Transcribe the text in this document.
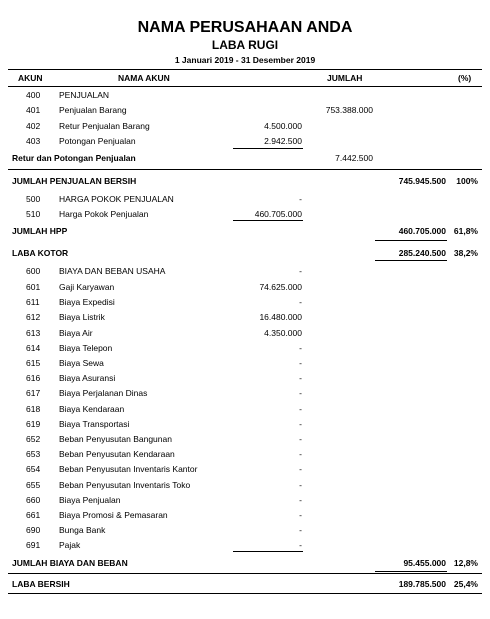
NAMA PERUSAHAAN ANDA
LABA RUGI
1 Januari 2019 - 31 Desember 2019
AKUN	NAMA AKUN	JUMLAH	(%)
400 PENJUALAN
401 Penjualan Barang	753.388.000
402 Retur Penjualan Barang	4.500.000
403 Potongan Penjualan	2.942.500
Retur dan Potongan Penjualan	7.442.500
JUMLAH PENJUALAN BERSIH	745.945.500 100%
500 HARGA POKOK PENJUALAN	-
510 Harga Pokok Penjualan	460.705.000
JUMLAH HPP	460.705.000 61,8%
LABA KOTOR	285.240.500 38,2%
600 BIAYA DAN BEBAN USAHA	-
601 Gaji Karyawan	74.625.000
611 Biaya Expedisi	-
612 Biaya Listrik	16.480.000
613 Biaya Air	4.350.000
614 Biaya Telepon	-
615 Biaya Sewa	-
616 Biaya Asuransi	-
617 Biaya Perjalanan Dinas	-
618 Biaya Kendaraan	-
619 Biaya Transportasi	-
652 Beban Penyusutan Bangunan	-
653 Beban Penyusutan Kendaraan	-
654 Beban Penyusutan Inventaris Kantor	-
655 Beban Penyusutan Inventaris Toko	-
660 Biaya Penjualan	-
661 Biaya Promosi & Pemasaran	-
690 Bunga Bank	-
691 Pajak	-
JUMLAH BIAYA DAN BEBAN	95.455.000 12,8%
LABA BERSIH	189.785.500 25,4%
